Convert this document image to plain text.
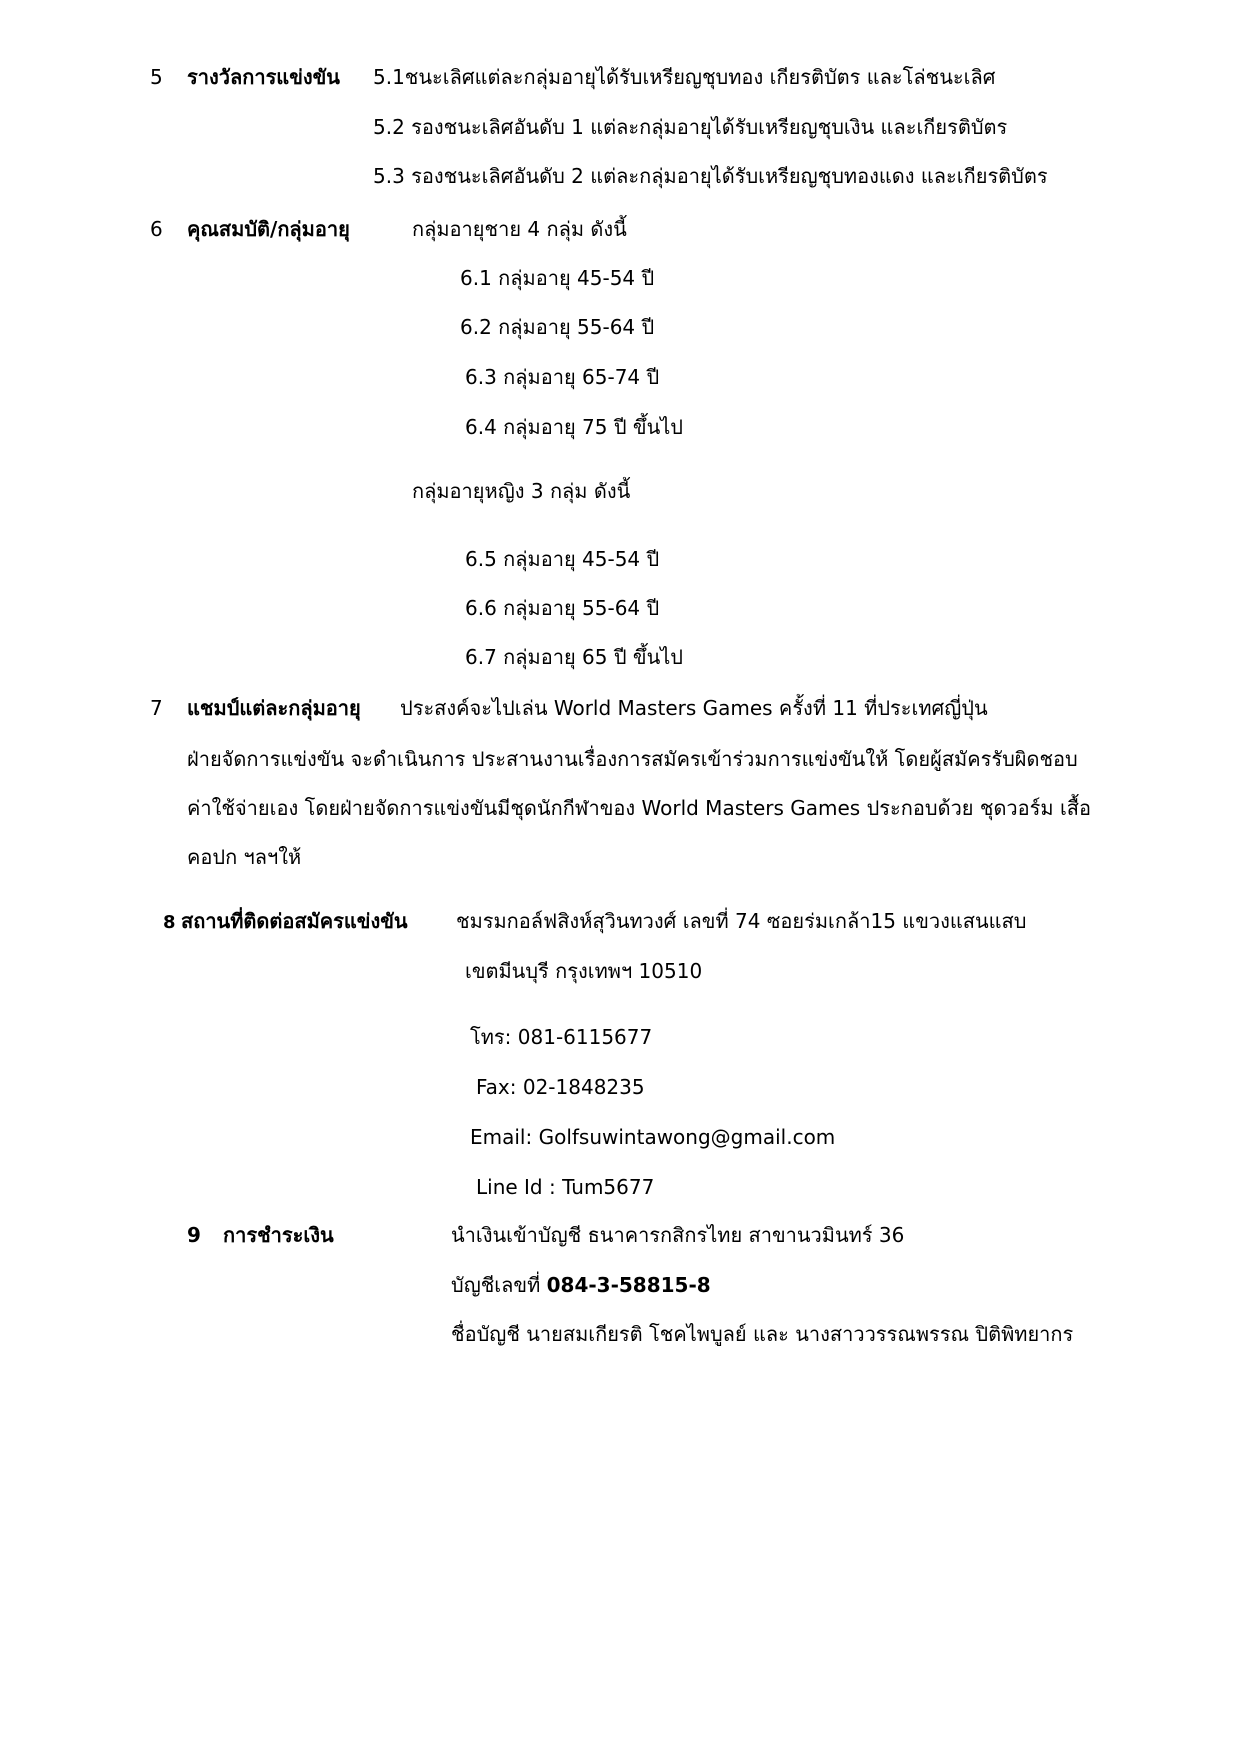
5 รางวัลการแข่งขัน 5.1ชนะเลิศแต่ละกลุ่มอายุได้รับเหรียญชุบทอง เกียรติบัตร และโล่ชนะเลิศ
5.2 รองชนะเลิศอันดับ 1 แต่ละกลุ่มอายุได้รับเหรียญชุบเงิน และเกียรติบัตร
5.3 รองชนะเลิศอันดับ 2 แต่ละกลุ่มอายุได้รับเหรียญชุบทองแดง และเกียรติบัตร
6 คุณสมบัติ/กลุ่มอายุ	กลุ่มอายุชาย 4 กลุ่ม ดังนี้
6.1 กลุ่มอายุ 45-54 ปี
6.2 กลุ่มอายุ 55-64 ปี
6.3 กลุ่มอายุ 65-74 ปี
6.4 กลุ่มอายุ 75 ปี ขึ้นไป
กลุ่มอายุหญิง 3 กลุ่ม ดังนี้
6.5 กลุ่มอายุ 45-54 ปี
6.6 กลุ่มอายุ 55-64 ปี
6.7 กลุ่มอายุ 65 ปี ขึ้นไป
7 แชมป์แต่ละกลุ่มอายุ ประสงค์จะไปเล่น World Masters Games ครั้งที่ 11 ที่ประเทศญี่ปุ่น
ฝ่ายจัดการแข่งขัน จะดำเนินการ ประสานงานเรื่องการสมัครเข้าร่วมการแข่งขันให้ โดยผู้สมัครรับผิดชอบ
ค่าใช้จ่ายเอง โดยฝ่ายจัดการแข่งขันมีชุดนักกีฬาของ World Masters Games ประกอบด้วย ชุดวอร์ม เสื้อ
คอปก ฯลฯให้
8 สถานที่ติดต่อสมัครแข่งขัน ชมรมกอล์ฟสิงห์สุวินทวงศ์ เลขที่ 74 ซอยร่มเกล้า15 แขวงแสนแสบ
เขตมีนบุรี กรุงเทพฯ 10510
โทร: 081-6115677
Fax: 02-1848235
Email: Golfsuwintawong@gmail.com
Line Id : Tum5677
9 การชำระเงิน	นำเงินเข้าบัญชี ธนาคารกสิกรไทย สาขานวมินทร์ 36
บัญชีเลขที่ 084-3-58815-8
ชื่อบัญชี นายสมเกียรติ โชคไพบูลย์ และ นางสาววรรณพรรณ ปิติพิทยากร
